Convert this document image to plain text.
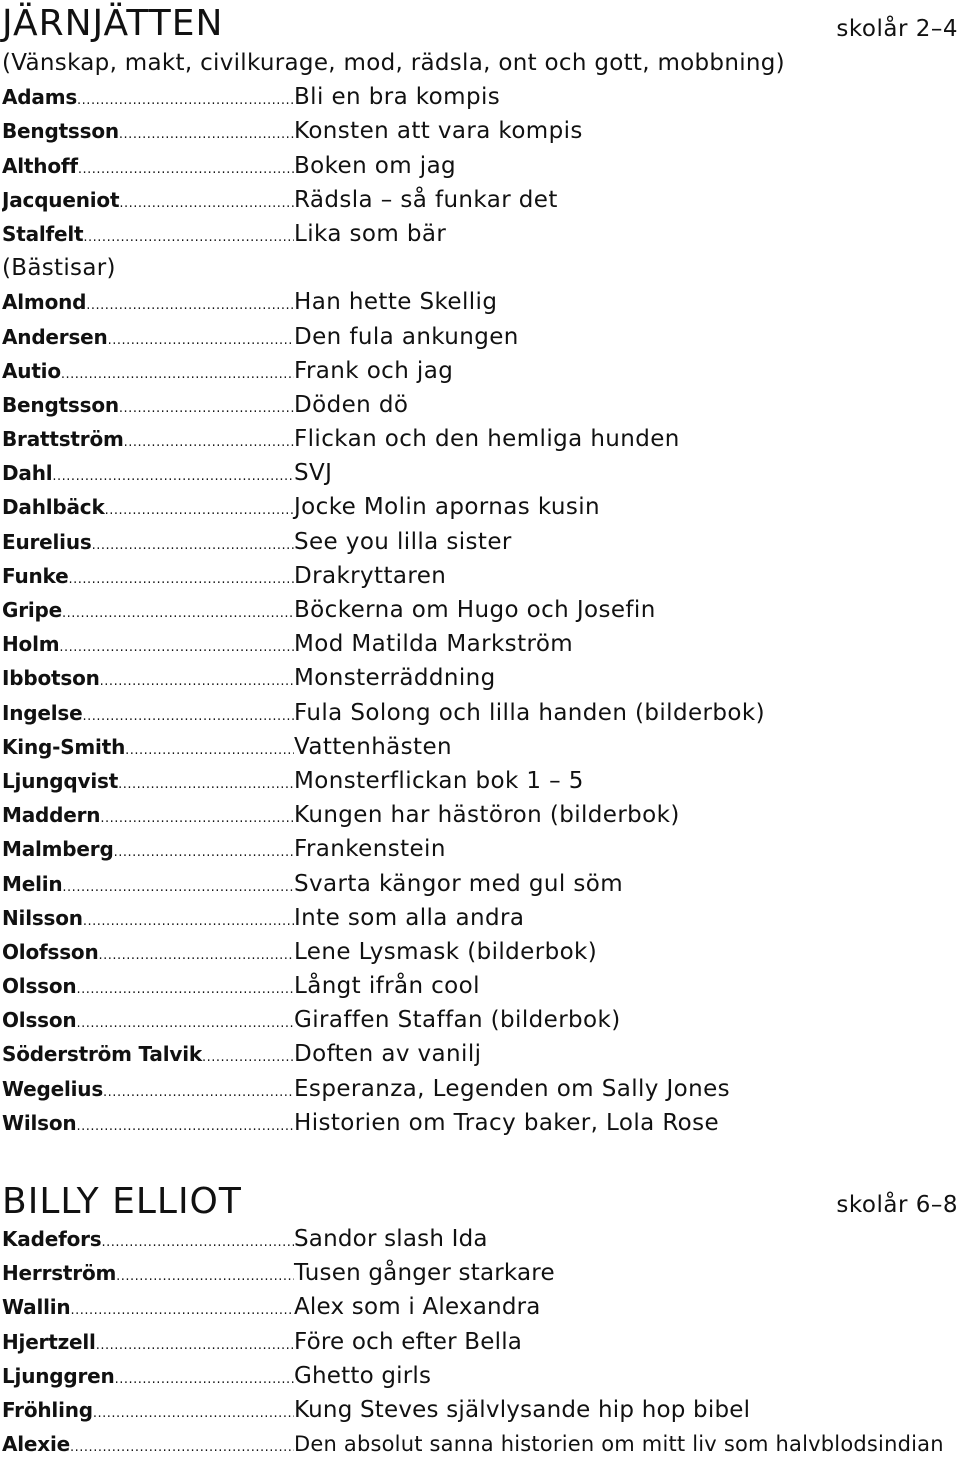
JÄRNJÄTTEN	skolår 2–4
(Vänskap, makt, civilkurage, mod, rädsla, ont och gott, mobbning)
Adams .....	Bli en bra kompis
Bengtsson .....	Konsten att vara kompis
Althoff .....	Boken om jag
Jacqueniot .....	Rädsla – så funkar det
Stalfelt .....	Lika som bär
(Bästisar)
Almond .....	Han hette Skellig
Andersen .....	Den fula ankungen
Autio .....	Frank och jag
Bengtsson .....	Döden dö
Brattström .....	Flickan och den hemliga hunden
Dahl .....	SVJ
Dahlbäck .....	Jocke Molin apornas kusin
Eurelius .....	See you lilla sister
Funke .....	Drakryttaren
Gripe .....	Böckerna om Hugo och Josefin
Holm .....	Mod Matilda Markström
Ibbotson .....	Monsterräddning
Ingelse .....	Fula Solong och lilla handen (bilderbok)
King-Smith .....	Vattenhästen
Ljungqvist .....	Monsterflickan bok 1 – 5
Maddern .....	Kungen har hästöron (bilderbok)
Malmberg .....	Frankenstein
Melin .....	Svarta kängor med gul söm
Nilsson .....	Inte som alla andra
Olofsson .....	Lene Lysmask (bilderbok)
Olsson .....	Långt ifrån cool
Olsson .....	Giraffen Staffan (bilderbok)
Söderström Talvik .....	Doften av vanilj
Wegelius .....	Esperanza, Legenden om Sally Jones
Wilson .....	Historien om Tracy baker, Lola Rose
BILLY ELLIOT	skolår 6–8
Kadefors .....	Sandor slash Ida
Herrström .....	Tusen gånger starkare
Wallin .....	Alex som i Alexandra
Hjertzell .....	Före och efter Bella
Ljunggren .....	Ghetto girls
Fröhling .....	Kung Steves självlysande hip hop bibel
Alexie .....	Den absolut sanna historien om mitt liv som halvblodsindian
